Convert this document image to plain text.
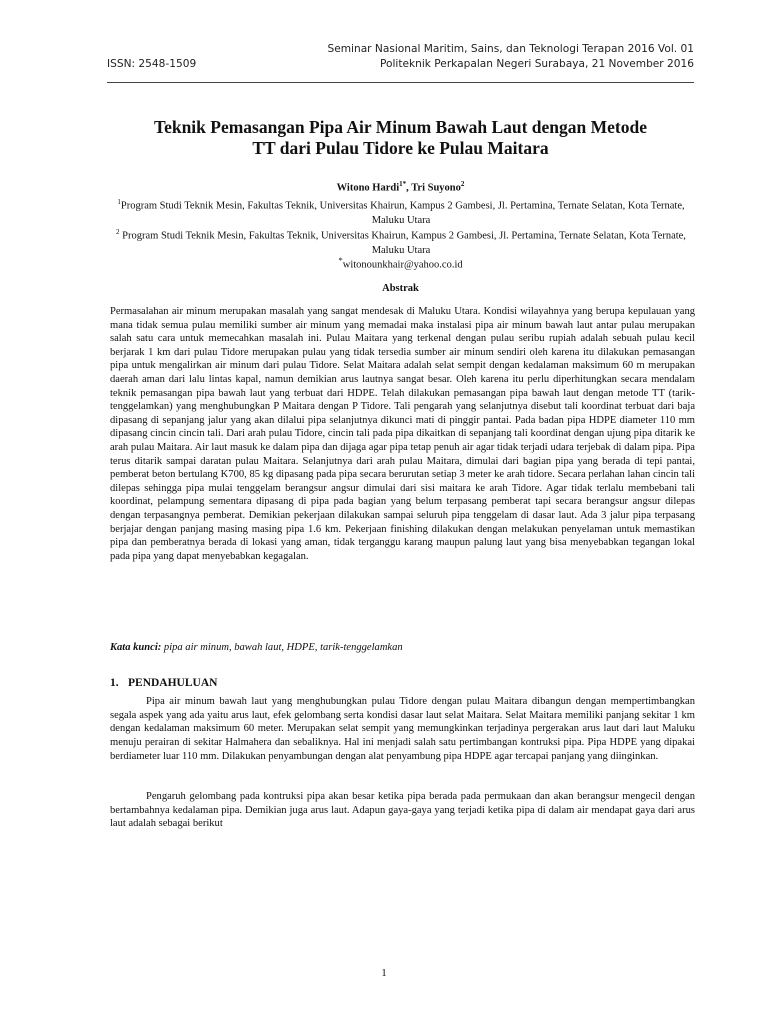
Seminar Nasional Maritim, Sains, dan Teknologi Terapan 2016 Vol. 01
ISSN: 2548-1509	Politeknik Perkapalan Negeri Surabaya, 21 November 2016
Teknik Pemasangan Pipa Air Minum Bawah Laut dengan Metode
TT dari Pulau Tidore ke Pulau Maitara
Witono Hardi$^{1*}$, Tri Suyono$^2$
$^1$Program Studi Teknik Mesin, Fakultas Teknik, Universitas Khairun, Kampus 2 Gambesi, Jl. Pertamina, Ternate Selatan, Kota Ternate, Maluku Utara
$^2$ Program Studi Teknik Mesin, Fakultas Teknik, Universitas Khairun, Kampus 2 Gambesi, Jl. Pertamina, Ternate Selatan, Kota Ternate, Maluku Utara
*witonounkhair@yahoo.co.id
Abstrak
Permasalahan air minum merupakan masalah yang sangat mendesak di Maluku Utara. Kondisi wilayahnya yang berupa kepulauan yang mana tidak semua pulau memiliki sumber air minum yang memadai maka instalasi pipa air minum bawah laut antar pulau merupakan salah satu cara untuk memecahkan masalah ini. Pulau Maitara yang terkenal dengan pulau seribu rupiah adalah sebuah pulau kecil berjarak 1 km dari pulau Tidore merupakan pulau yang tidak tersedia sumber air minum sendiri oleh karena itu dilakukan pemasangan pipa untuk mengalirkan air minum dari pulau Tidore. Selat Maitara adalah selat sempit dengan kedalaman maksimum 60 m merupakan daerah aman dari lalu lintas kapal, namun demikian arus lautnya sangat besar. Oleh karena itu perlu diperhitungkan secara mendalam teknik pemasangan pipa bawah laut yang terbuat dari HDPE. Telah dilakukan pemasangan pipa bawah laut dengan metode TT (tarik-tenggelamkan) yang menghubungkan P Maitara dengan P Tidore. Tali pengarah yang selanjutnya disebut tali koordinat terbuat dari baja dipasang di sepanjang jalur yang akan dilalui pipa selanjutnya dikunci mati di pinggir pantai. Pada badan pipa HDPE diameter 110 mm dipasang cincin cincin tali. Dari arah pulau Tidore, cincin tali pada pipa dikaitkan di sepanjang tali koordinat dengan ujung pipa ditarik ke arah pulau Maitara. Air laut masuk ke dalam pipa dan dijaga agar pipa tetap penuh air agar tidak terjadi udara terjebak di dalam pipa. Pipa terus ditarik sampai daratan pulau Maitara. Selanjutnya dari arah pulau Maitara, dimulai dari bagian pipa yang berada di tepi pantai, pemberat beton bertulang K700, 85 kg dipasang pada pipa secara berurutan setiap 3 meter ke arah tidore. Secara perlahan lahan cincin tali dilepas sehingga pipa mulai tenggelam berangsur angsur dimulai dari sisi maitara ke arah Tidore. Agar tidak terlalu membebani tali koordinat, pelampung sementara dipasang di pipa pada bagian yang belum terpasang pemberat tapi secara berangsur angsur dilepas dengan terpasangnya pemberat. Demikian pekerjaan dilakukan sampai seluruh pipa tenggelam di dasar laut. Ada 3 jalur pipa terpasang berjajar dengan panjang masing masing pipa 1.6 km. Pekerjaan finishing dilakukan dengan melakukan penyelaman untuk memastikan pipa dan pemberatnya berada di lokasi yang aman, tidak terganggu karang maupun palung laut yang bisa menyebabkan tegangan lokal pada pipa yang dapat menyebabkan kegagalan.
Kata kunci: pipa air minum, bawah laut, HDPE, tarik-tenggelamkan
1. PENDAHULUAN
Pipa air minum bawah laut yang menghubungkan pulau Tidore dengan pulau Maitara dibangun dengan mempertimbangkan segala aspek yang ada yaitu arus laut, efek gelombang serta kondisi dasar laut selat Maitara. Selat Maitara memiliki panjang sekitar 1 km dengan kedalaman maksimum 60 meter. Merupakan selat sempit yang memungkinkan terjadinya pergerakan arus laut dari laut Maluku menuju perairan di sekitar Halmahera dan sebaliknya. Hal ini menjadi salah satu pertimbangan kontruksi pipa. Pipa HDPE yang dipakai berdiameter luar 110 mm. Dilakukan penyambungan dengan alat penyambung pipa HDPE agar tercapai panjang yang diinginkan.
Pengaruh gelombang pada kontruksi pipa akan besar ketika pipa berada pada permukaan dan akan berangsur mengecil dengan bertambahnya kedalaman pipa. Demikian juga arus laut. Adapun gaya-gaya yang terjadi ketika pipa di dalam air mendapat gaya dari arus laut adalah sebagai berikut
1
